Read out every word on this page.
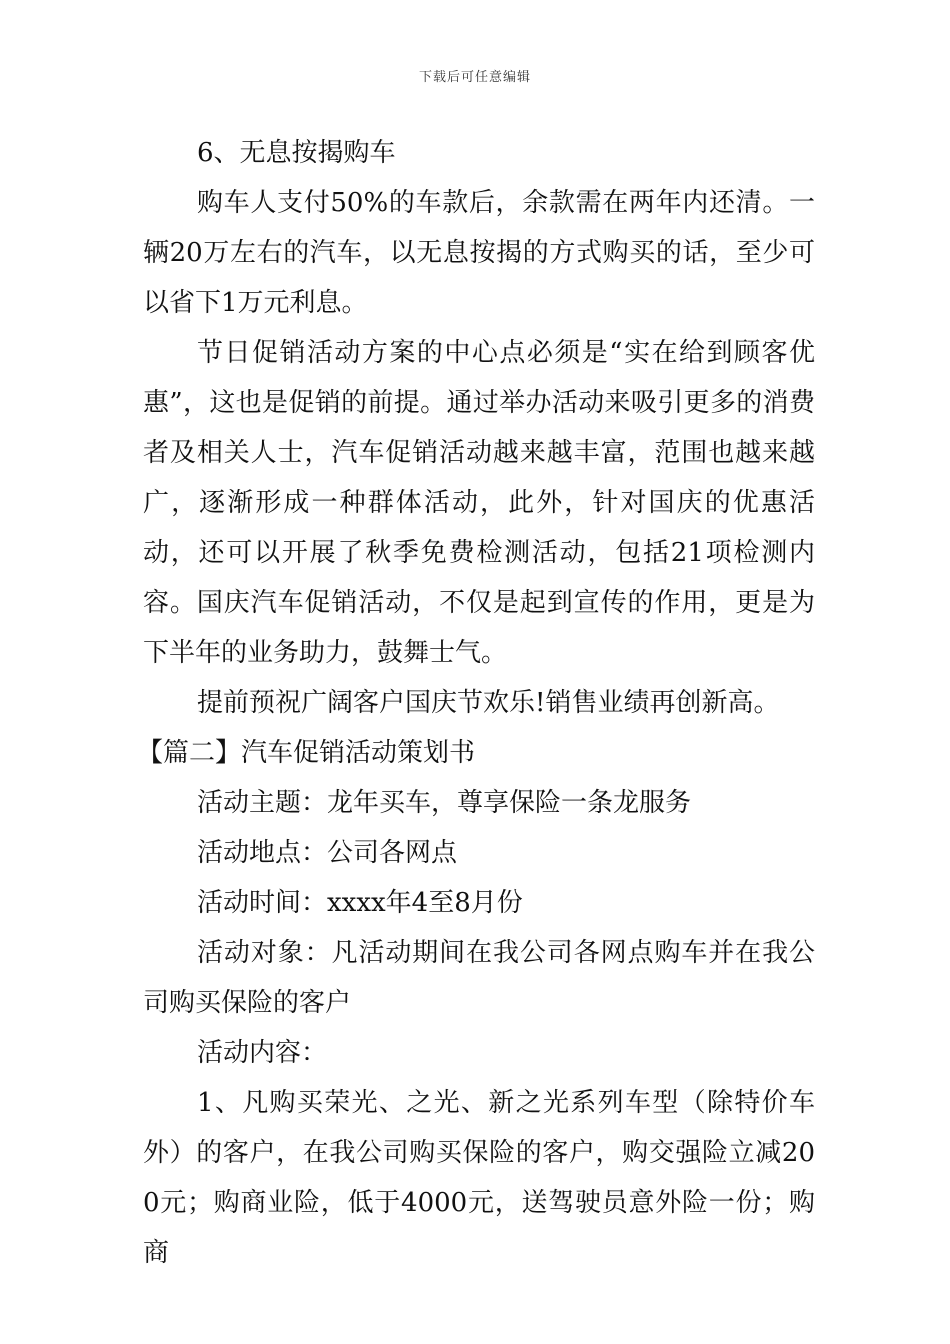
下载后可任意编辑

6、无息按揭购车

购车人支付50%的车款后，余款需在两年内还清。一辆20万左右的汽车，以无息按揭的方式购买的话，至少可以省下1万元利息。

节日促销活动方案的中心点必须是“实在给到顾客优惠”，这也是促销的前提。通过举办活动来吸引更多的消费者及相关人士，汽车促销活动越来越丰富，范围也越来越广，逐渐形成一种群体活动，此外，针对国庆的优惠活动，还可以开展了秋季免费检测活动，包括21项检测内容。国庆汽车促销活动，不仅是起到宣传的作用，更是为下半年的业务助力，鼓舞士气。

提前预祝广阔客户国庆节欢乐!销售业绩再创新高。

【篇二】汽车促销活动策划书

活动主题：龙年买车，尊享保险一条龙服务

活动地点：公司各网点

活动时间：xxxx年4至8月份

活动对象：凡活动期间在我公司各网点购车并在我公司购买保险的客户

活动内容：

1、凡购买荣光、之光、新之光系列车型（除特价车外）的客户，在我公司购买保险的客户，购交强险立减200元；购商业险，低于4000元，送驾驶员意外险一份；购商
